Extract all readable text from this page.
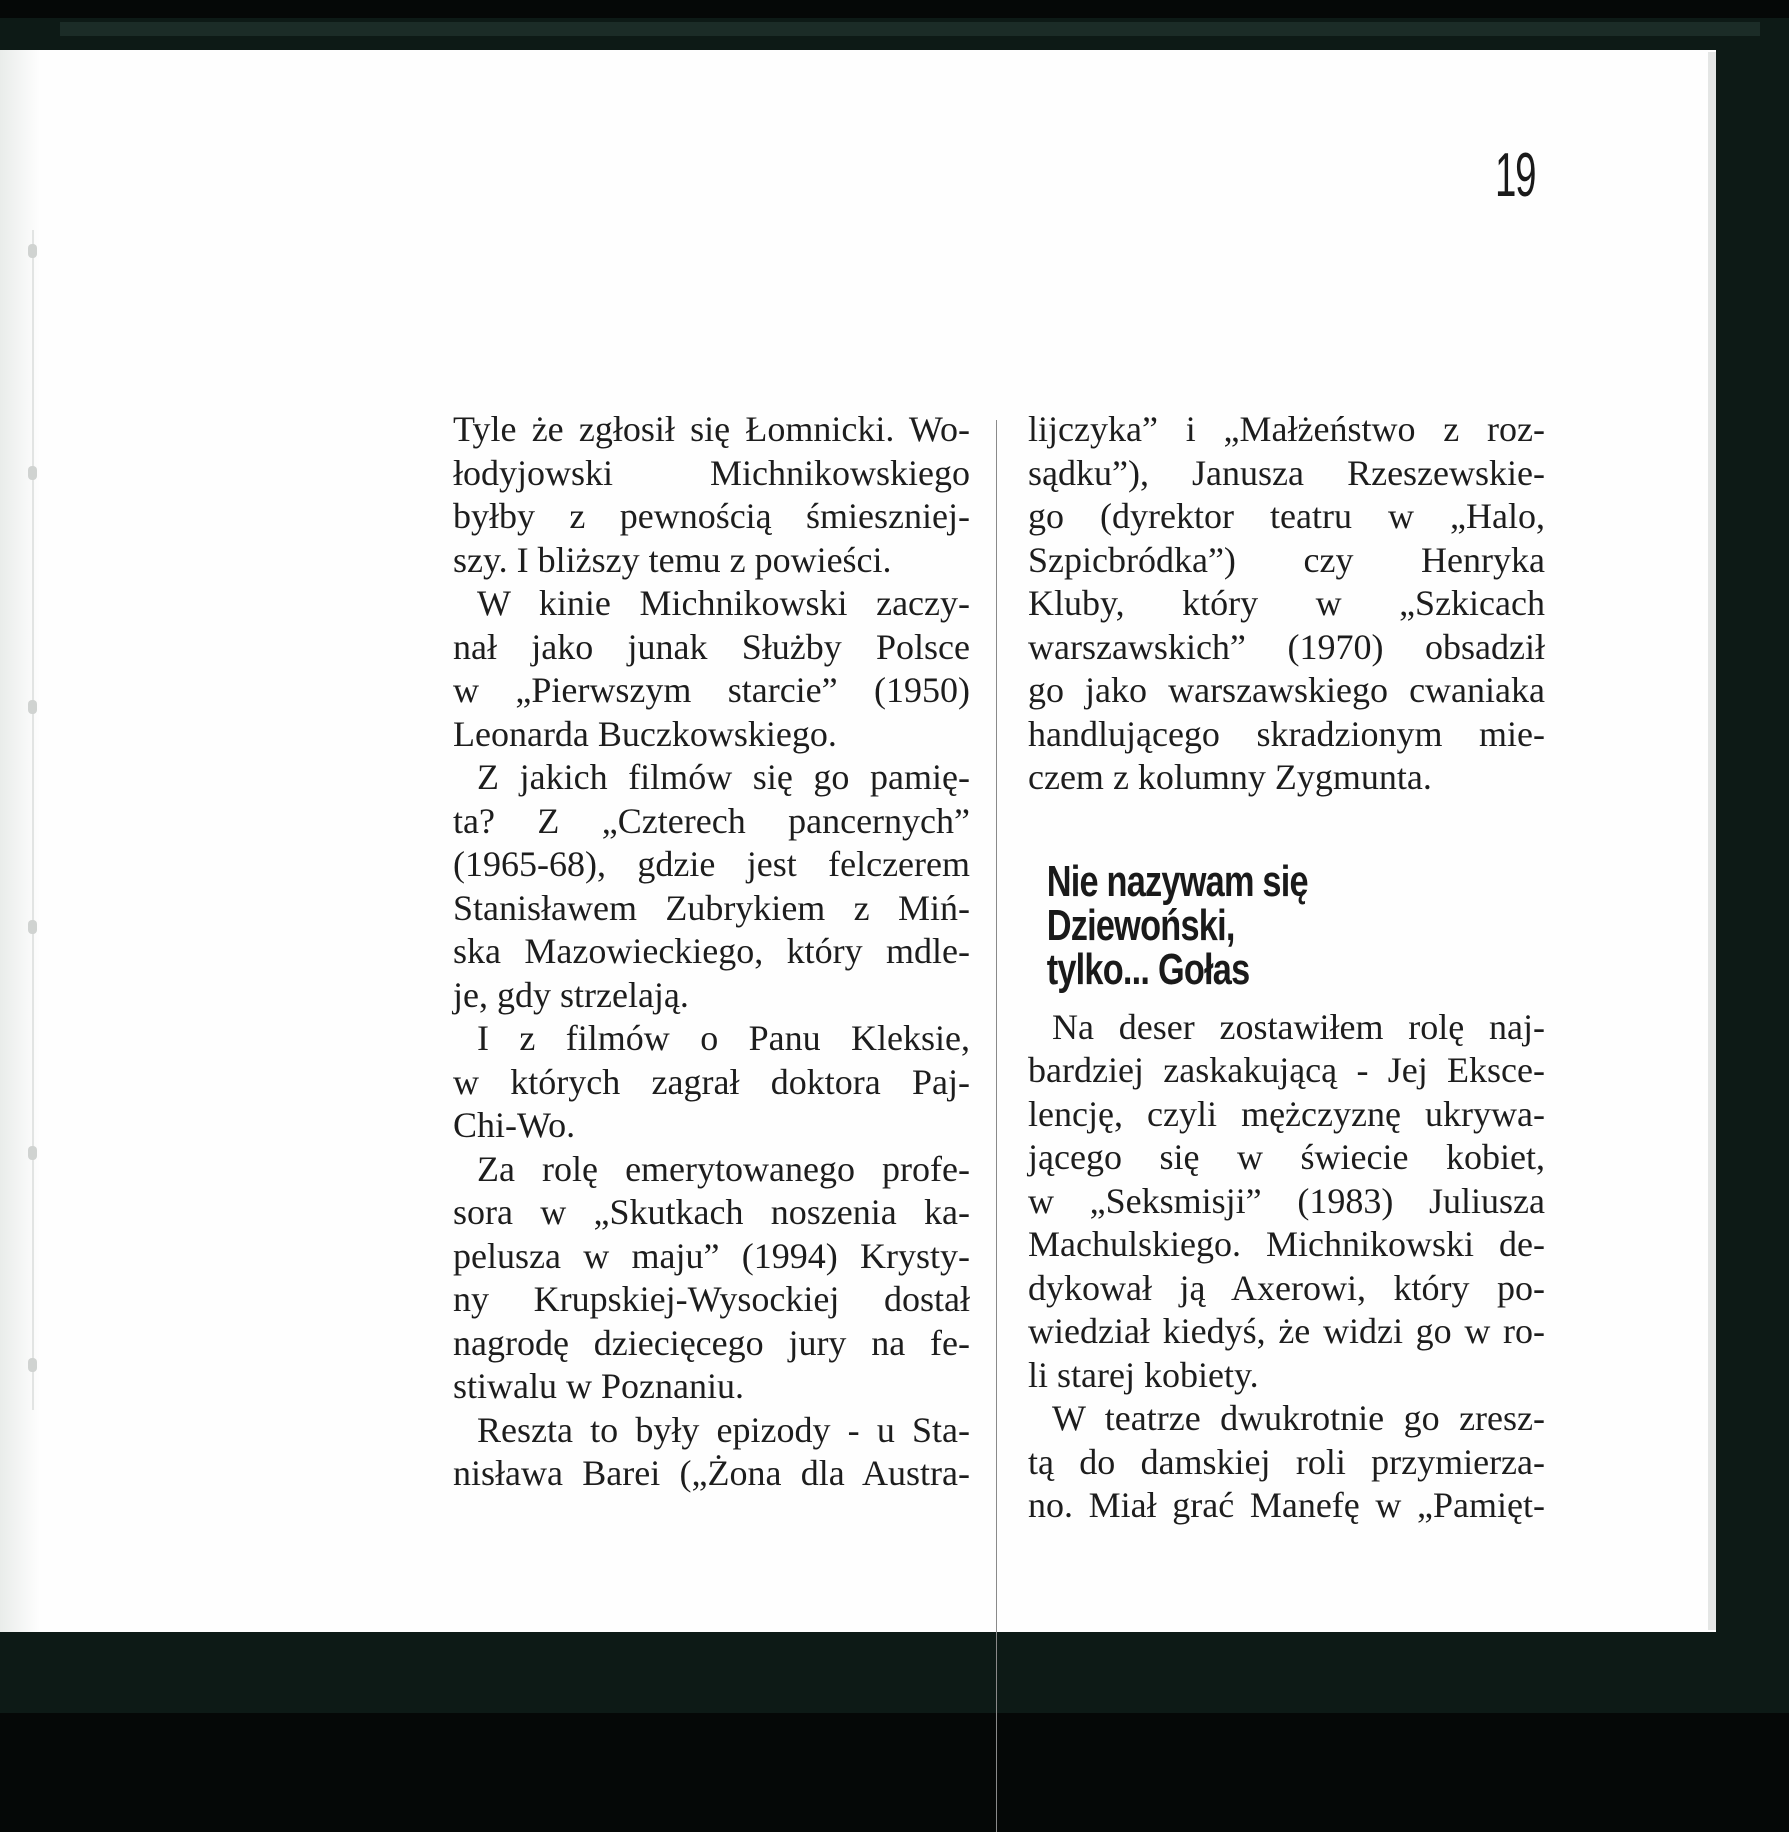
19
Tyle że zgłosił się Łomnicki. Wo-
łodyjowski Michnikowskiego
byłby z pewnością śmieszniej-
szy. I bliższy temu z powieści.
W kinie Michnikowski zaczy-
nał jako junak Służby Polsce
w „Pierwszym starcie” (1950)
Leonarda Buczkowskiego.
Z jakich filmów się go pamię-
ta? Z „Czterech pancernych”
(1965-68), gdzie jest felczerem
Stanisławem Zubrykiem z Miń-
ska Mazowieckiego, który mdle-
je, gdy strzelają.
I z filmów o Panu Kleksie,
w których zagrał doktora Paj-
Chi-Wo.
Za rolę emerytowanego profe-
sora w „Skutkach noszenia ka-
pelusza w maju” (1994) Krysty-
ny Krupskiej-Wysockiej dostał
nagrodę dziecięcego jury na fe-
stiwalu w Poznaniu.
Reszta to były epizody - u Sta-
nisława Barei („Żona dla Austra-
lijczyka” i „Małżeństwo z roz-
sądku”), Janusza Rzeszewskie-
go (dyrektor teatru w „Halo,
Szpicbródka”) czy Henryka
Kluby, który w „Szkicach
warszawskich” (1970) obsadził
go jako warszawskiego cwaniaka
handlującego skradzionym mie-
czem z kolumny Zygmunta.
Nie nazywam się
Dziewoński,
tylko... Gołas
Na deser zostawiłem rolę naj-
bardziej zaskakującą - Jej Eksce-
lencję, czyli mężczyznę ukrywa-
jącego się w świecie kobiet,
w „Seksmisji” (1983) Juliusza
Machulskiego. Michnikowski de-
dykował ją Axerowi, który po-
wiedział kiedyś, że widzi go w ro-
li starej kobiety.
W teatrze dwukrotnie go zresz-
tą do damskiej roli przymierza-
no. Miał grać Manefę w „Pamięt-
